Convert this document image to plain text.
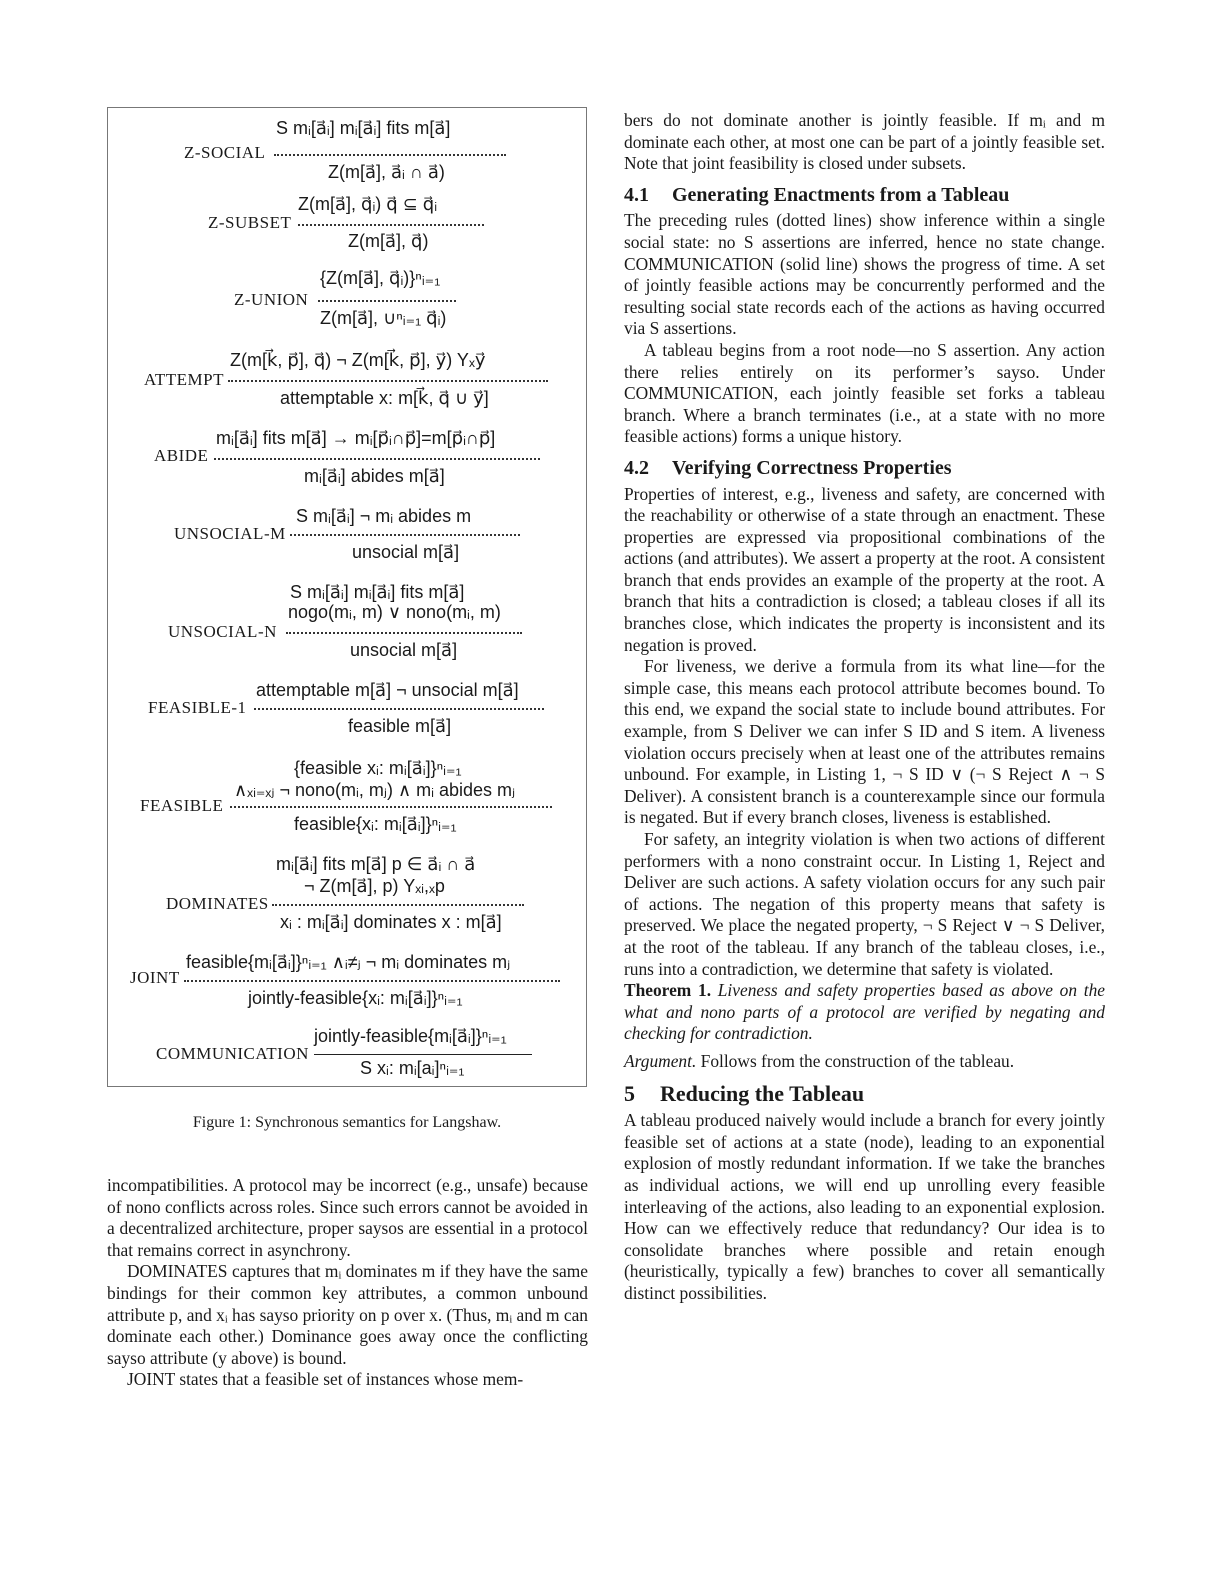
S mᵢ[a⃗ᵢ] mᵢ[a⃗ᵢ] fits m[a⃗]
Z-SOCIAL
Z(m[a⃗], a⃗ᵢ ∩ a⃗)
Z(m[a⃗], q⃗ᵢ) q⃗ ⊆ q⃗ᵢ
Z-SUBSET
Z(m[a⃗], q⃗)
{Z(m[a⃗], q⃗ᵢ)}ⁿᵢ₌₁
Z-UNION
Z(m[a⃗], ∪ⁿᵢ₌₁ q⃗ᵢ)
Z(m[k⃗, p⃗], q⃗) ¬ Z(m[k⃗, p⃗], y⃗) Yₓy⃗
ATTEMPT
attemptable x: m[k⃗, q⃗ ∪ y⃗]
mᵢ[a⃗ᵢ] fits m[a⃗] → mᵢ[p⃗ᵢ∩p⃗]=m[p⃗ᵢ∩p⃗]
ABIDE
mᵢ[a⃗ᵢ] abides m[a⃗]
S mᵢ[a⃗ᵢ] ¬ mᵢ abides m
UNSOCIAL-M
unsocial m[a⃗]
S mᵢ[a⃗ᵢ] mᵢ[a⃗ᵢ] fits m[a⃗]
nogo(mᵢ, m) ∨ nono(mᵢ, m)
UNSOCIAL-N
unsocial m[a⃗]
attemptable m[a⃗] ¬ unsocial m[a⃗]
FEASIBLE-1
feasible m[a⃗]
{feasible xᵢ: mᵢ[a⃗ᵢ]}ⁿᵢ₌₁
∧ₓᵢ₌ₓⱼ ¬ nono(mᵢ, mⱼ) ∧ mᵢ abides mⱼ
FEASIBLE
feasible{xᵢ: mᵢ[a⃗ᵢ]}ⁿᵢ₌₁
mᵢ[a⃗ᵢ] fits m[a⃗] p ∈ a⃗ᵢ ∩ a⃗
¬ Z(m[a⃗], p) Yₓᵢ,ₓp
DOMINATES
xᵢ : mᵢ[a⃗ᵢ] dominates x : m[a⃗]
feasible{mᵢ[a⃗ᵢ]}ⁿᵢ₌₁ ∧ᵢ≠ⱼ ¬ mᵢ dominates mⱼ
JOINT
jointly-feasible{xᵢ: mᵢ[a⃗ᵢ]}ⁿᵢ₌₁
jointly-feasible{mᵢ[a⃗ᵢ]}ⁿᵢ₌₁
COMMUNICATION
S xᵢ: mᵢ[aᵢ]ⁿᵢ₌₁
Figure 1: Synchronous semantics for Langshaw.

incompatibilities. A protocol may be incorrect (e.g., unsafe) because of nono conflicts across roles. Since such errors cannot be avoided in a decentralized architecture, proper saysos are essential in a protocol that remains correct in asynchrony.

DOMINATES captures that mᵢ dominates m if they have the same bindings for their common key attributes, a common unbound attribute p, and xᵢ has sayso priority on p over x. (Thus, mᵢ and m can dominate each other.) Dominance goes away once the conflicting sayso attribute (y above) is bound.

JOINT states that a feasible set of instances whose mem-

bers do not dominate another is jointly feasible. If mᵢ and m dominate each other, at most one can be part of a jointly feasible set. Note that joint feasibility is closed under subsets.

4.1 Generating Enactments from a Tableau

The preceding rules (dotted lines) show inference within a single social state: no S assertions are inferred, hence no state change. COMMUNICATION (solid line) shows the progress of time. A set of jointly feasible actions may be concurrently performed and the resulting social state records each of the actions as having occurred via S assertions.

A tableau begins from a root node—no S assertion. Any action there relies entirely on its performer’s sayso. Under COMMUNICATION, each jointly feasible set forks a tableau branch. Where a branch terminates (i.e., at a state with no more feasible actions) forms a unique history.

4.2 Verifying Correctness Properties

Properties of interest, e.g., liveness and safety, are concerned with the reachability or otherwise of a state through an enactment. These properties are expressed via propositional combinations of the actions (and attributes). We assert a property at the root. A consistent branch that ends provides an example of the property at the root. A branch that hits a contradiction is closed; a tableau closes if all its branches close, which indicates the property is inconsistent and its negation is proved.

For liveness, we derive a formula from its what line—for the simple case, this means each protocol attribute becomes bound. To this end, we expand the social state to include bound attributes. For example, from S Deliver we can infer S ID and S item. A liveness violation occurs precisely when at least one of the attributes remains unbound. For example, in Listing 1, ¬ S ID ∨ (¬ S Reject ∧ ¬ S Deliver). A consistent branch is a counterexample since our formula is negated. But if every branch closes, liveness is established.

For safety, an integrity violation is when two actions of different performers with a nono constraint occur. In Listing 1, Reject and Deliver are such actions. A safety violation occurs for any such pair of actions. The negation of this property means that safety is preserved. We place the negated property, ¬ S Reject ∨ ¬ S Deliver, at the root of the tableau. If any branch of the tableau closes, i.e., runs into a contradiction, we determine that safety is violated.

Theorem 1. Liveness and safety properties based as above on the what and nono parts of a protocol are verified by negating and checking for contradiction.

Argument. Follows from the construction of the tableau.

5 Reducing the Tableau

A tableau produced naively would include a branch for every jointly feasible set of actions at a state (node), leading to an exponential explosion of mostly redundant information. If we take the branches as individual actions, we will end up unrolling every feasible interleaving of the actions, also leading to an exponential explosion. How can we effectively reduce that redundancy? Our idea is to consolidate branches where possible and retain enough (heuristically, typically a few) branches to cover all semantically distinct possibilities.
